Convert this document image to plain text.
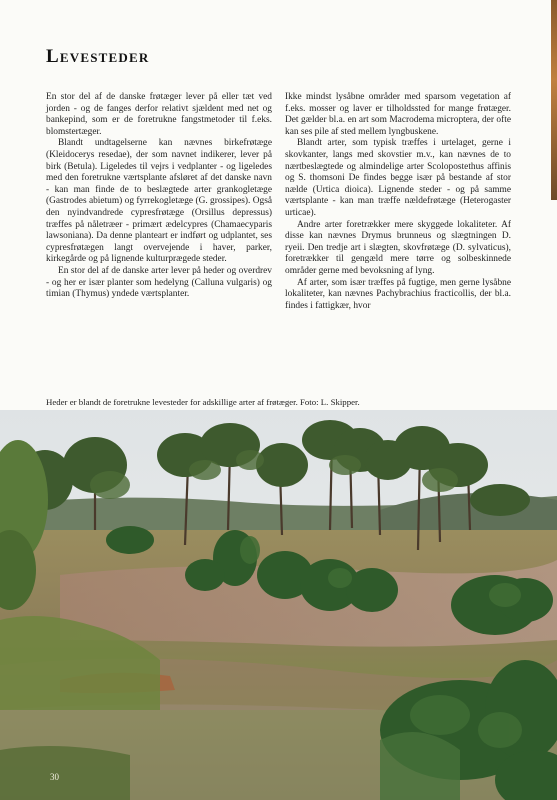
Levesteder

En stor del af de danske frøtæger lever på eller tæt ved jorden - og de fanges derfor relativt sjældent med net og bankepind, som er de foretrukne fangstmetoder til f.eks. blomstertæger.

Blandt undtagelserne kan nævnes birkefrøtæge (Kleidocerys resedae), der som navnet indikerer, lever på birk (Betula). Ligeledes til vejrs i vedplanter - og ligeledes med den foretrukne værtsplante afsløret af det danske navn - kan man finde de to beslægtede arter grankogletæge (Gastrodes abietum) og fyrrekogletæge (G. grossipes). Også den nyindvandrede cypresfrøtæge (Orsillus depressus) træffes på nåletræer - primært ædelcypres (Chamaecyparis lawsoniana). Da denne planteart er indført og udplantet, ses cypresfrøtægen langt overvejende i haver, parker, kirkegårde og på lignende kulturprægede steder.

En stor del af de danske arter lever på heder og overdrev - og her er især planter som hedelyng (Calluna vulgaris) og timian (Thymus) yndede værtsplanter.

Ikke mindst lysåbne områder med sparsom vegetation af f.eks. mosser og laver er tilholdssted for mange frøtæger. Det gælder bl.a. en art som Macrodema microptera, der ofte kan ses pile af sted mellem lyngbuskene.

Blandt arter, som typisk træffes i urtelaget, gerne i skovkanter, langs med skovstier m.v., kan nævnes de to nærtbeslægtede og almindelige arter Scolopostethus affinis og S. thomsoni De findes begge især på bestande af stor nælde (Urtica dioica). Lignende steder - og på samme værtsplante - kan man træffe nældefrøtæge (Heterogaster urticae).

Andre arter foretrækker mere skyggede lokaliteter. Af disse kan nævnes Drymus brunneus og slægtningen D. ryeii. Den tredje art i slægten, skovfrøtæge (D. sylvaticus), foretrækker til gengæld mere tørre og solbeskinnede områder gerne med bevoksning af lyng.

Af arter, som især træffes på fugtige, men gerne lysåbne lokaliteter, kan nævnes Pachybrachius fracticollis, der bl.a. findes i fattigkær, hvor

Heder er blandt de foretrukne levesteder for adskillige arter af frøtæger. Foto: L. Skipper.
30
